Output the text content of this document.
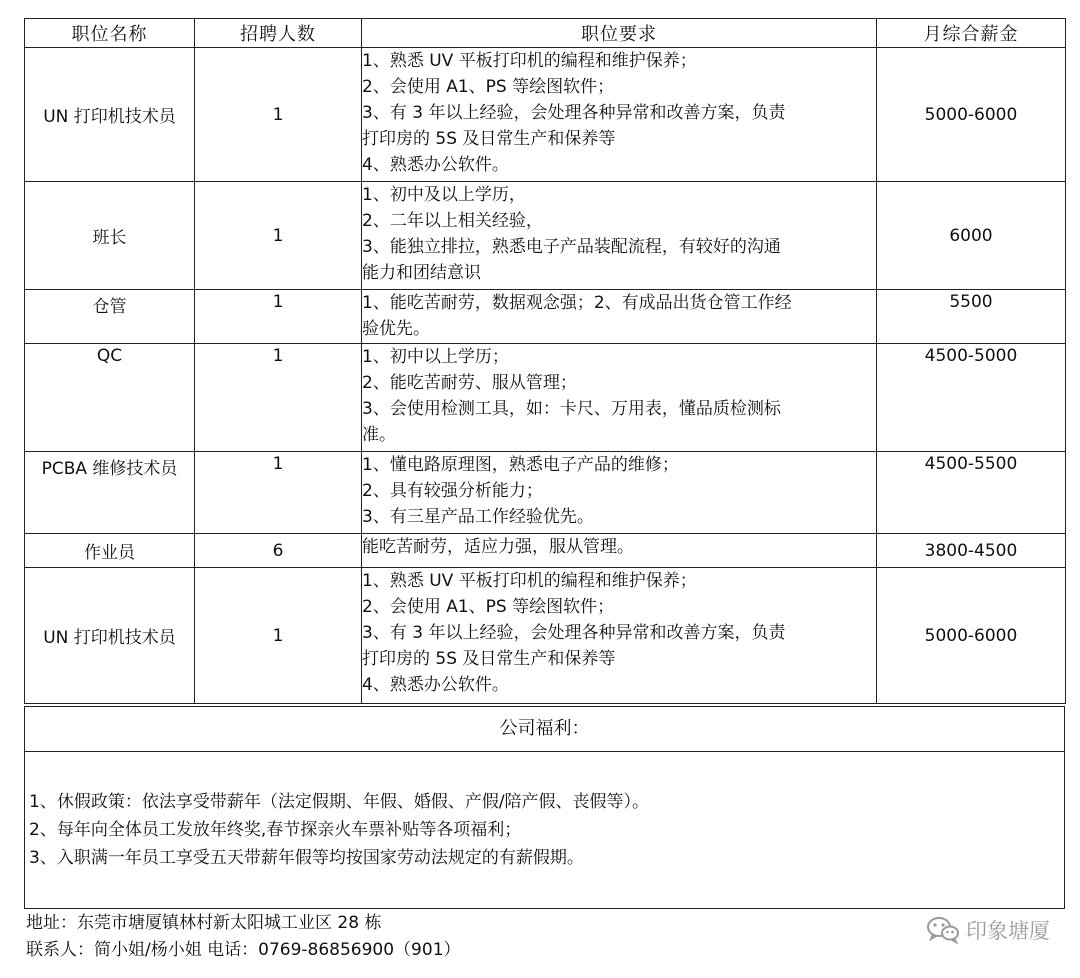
职位名称	招聘人数	职位要求	月综合薪金
UN 打印机技术员	1	1、熟悉 UV 平板打印机的编程和维护保养；
2、会使用 A1、PS 等绘图软件；
3、有 3 年以上经验，会处理各种异常和改善方案，负责
打印房的 5S 及日常生产和保养等
4、熟悉办公软件。	5000-6000
班长	1	1、初中及以上学历，
2、二年以上相关经验，
3、能独立排拉，熟悉电子产品装配流程，有较好的沟通
能力和团结意识	6000
仓管	1	1、能吃苦耐劳，数据观念强；2、有成品出货仓管工作经
验优先。	5500
QC	1	1、初中以上学历；
2、能吃苦耐劳、服从管理；
3、会使用检测工具，如：卡尺、万用表，懂品质检测标
准。	4500-5000
PCBA 维修技术员	1	1、懂电路原理图，熟悉电子产品的维修；
2、具有较强分析能力；
3、有三星产品工作经验优先。	4500-5500
作业员	6	能吃苦耐劳，适应力强，服从管理。	3800-4500
UN 打印机技术员	1	1、熟悉 UV 平板打印机的编程和维护保养；
2、会使用 A1、PS 等绘图软件；
3、有 3 年以上经验，会处理各种异常和改善方案，负责
打印房的 5S 及日常生产和保养等
4、熟悉办公软件。	5000-6000
公司福利：
1、休假政策：依法享受带薪年（法定假期、年假、婚假、产假/陪产假、丧假等）。
2、每年向全体员工发放年终奖,春节探亲火车票补贴等各项福利；
3、入职满一年员工享受五天带薪年假等均按国家劳动法规定的有薪假期。
地址：东莞市塘厦镇林村新太阳城工业区 28 栋
联系人：简小姐/杨小姐 电话：0769-86856900（901）
印象塘厦
